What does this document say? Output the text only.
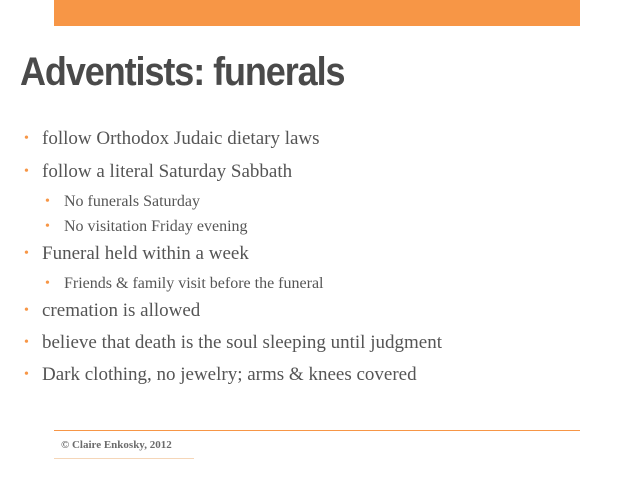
Adventists: funerals
• follow Orthodox Judaic dietary laws
• follow a literal Saturday Sabbath
• No funerals Saturday
• No visitation Friday evening
• Funeral held within a week
• Friends & family visit before the funeral
• cremation is allowed
• believe that death is the soul sleeping until judgment
• Dark clothing, no jewelry; arms & knees covered
© Claire Enkosky, 2012
